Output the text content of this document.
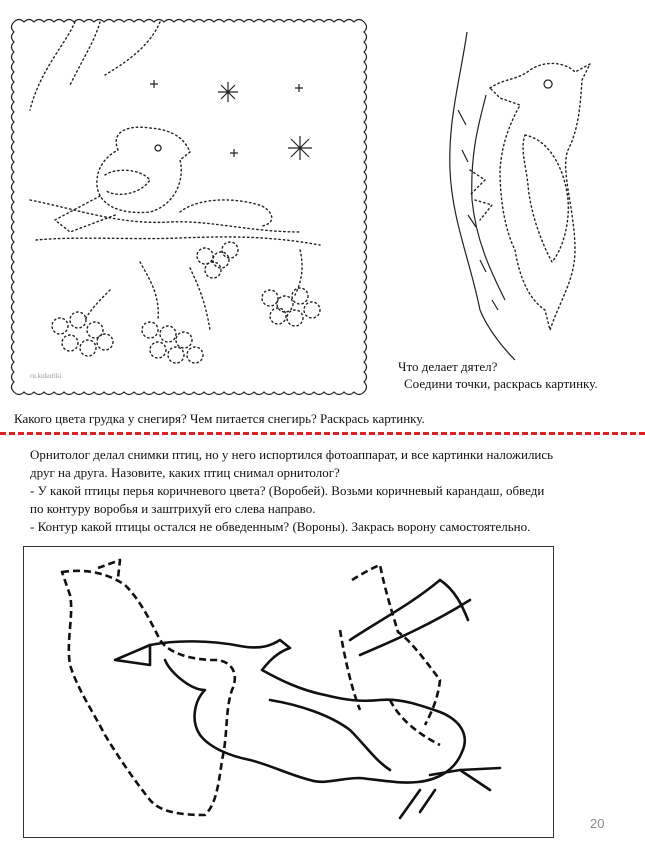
ru.kukuriki
Что делает дятел?
Соедини точки, раскрась картинку.
Какого цвета грудка у снегиря? Чем питается снегирь? Раскрась картинку.
Орнитолог делал снимки птиц, но у него испортился фотоаппарат, и все картинки наложились
друг на друга. Назовите, каких птиц снимал орнитолог?
- У какой птицы перья коричневого цвета? (Воробей). Возьми коричневый карандаш, обведи
по контуру воробья и заштрихуй его слева направо.
- Контур какой птицы остался не обведенным? (Вороны). Закрась ворону самостоятельно.
20
